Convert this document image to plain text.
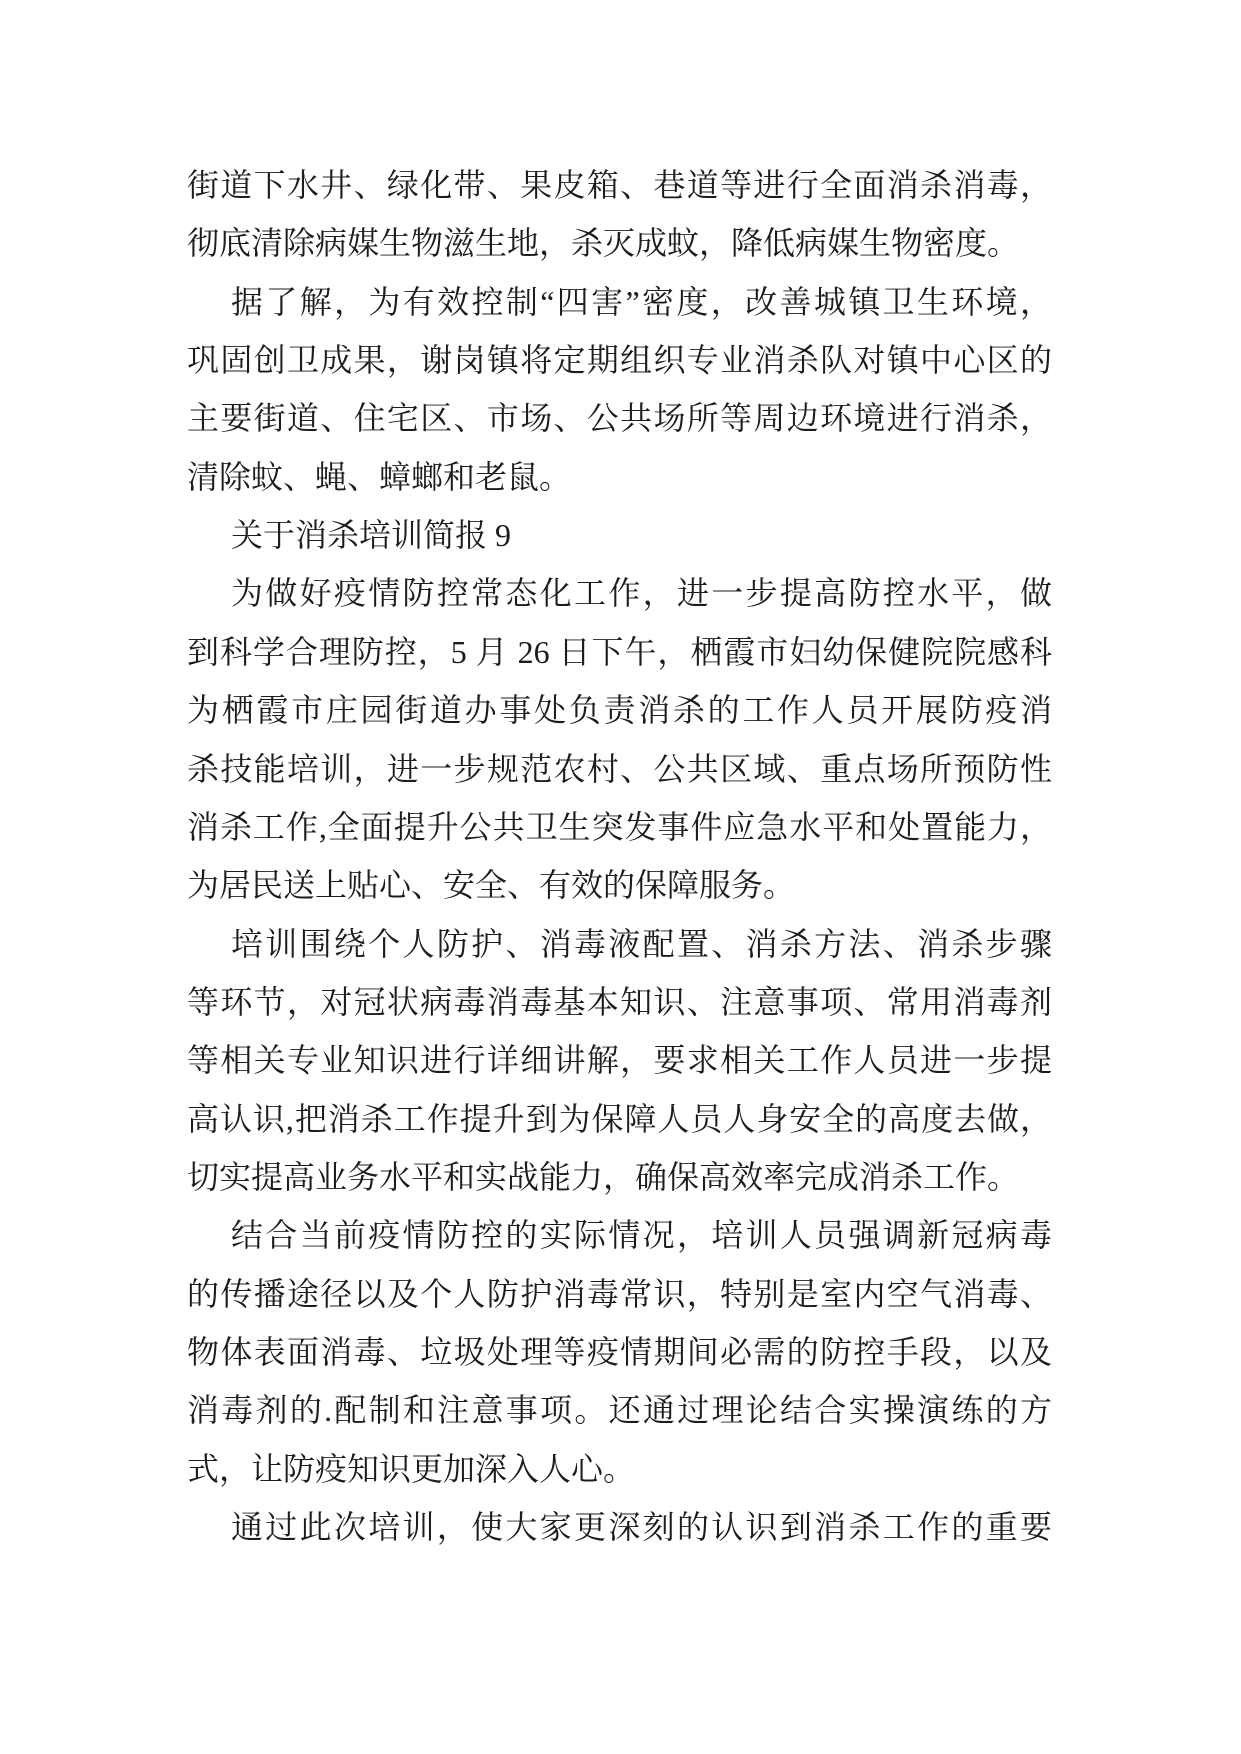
街道下水井、绿化带、果皮箱、巷道等进行全面消杀消毒，
彻底清除病媒生物滋生地，杀灭成蚊，降低病媒生物密度。
据了解，为有效控制“四害”密度，改善城镇卫生环境，
巩固创卫成果，谢岗镇将定期组织专业消杀队对镇中心区的
主要街道、住宅区、市场、公共场所等周边环境进行消杀，
清除蚊、蝇、蟑螂和老鼠。
关于消杀培训简报 9
为做好疫情防控常态化工作，进一步提高防控水平，做
到科学合理防控，5 月 26 日下午，栖霞市妇幼保健院院感科
为栖霞市庄园街道办事处负责消杀的工作人员开展防疫消
杀技能培训，进一步规范农村、公共区域、重点场所预防性
消杀工作,全面提升公共卫生突发事件应急水平和处置能力，
为居民送上贴心、安全、有效的保障服务。
培训围绕个人防护、消毒液配置、消杀方法、消杀步骤
等环节，对冠状病毒消毒基本知识、注意事项、常用消毒剂
等相关专业知识进行详细讲解，要求相关工作人员进一步提
高认识,把消杀工作提升到为保障人员人身安全的高度去做，
切实提高业务水平和实战能力，确保高效率完成消杀工作。
结合当前疫情防控的实际情况，培训人员强调新冠病毒
的传播途径以及个人防护消毒常识，特别是室内空气消毒、
物体表面消毒、垃圾处理等疫情期间必需的防控手段，以及
消毒剂的.配制和注意事项。还通过理论结合实操演练的方
式，让防疫知识更加深入人心。
通过此次培训，使大家更深刻的认识到消杀工作的重要
